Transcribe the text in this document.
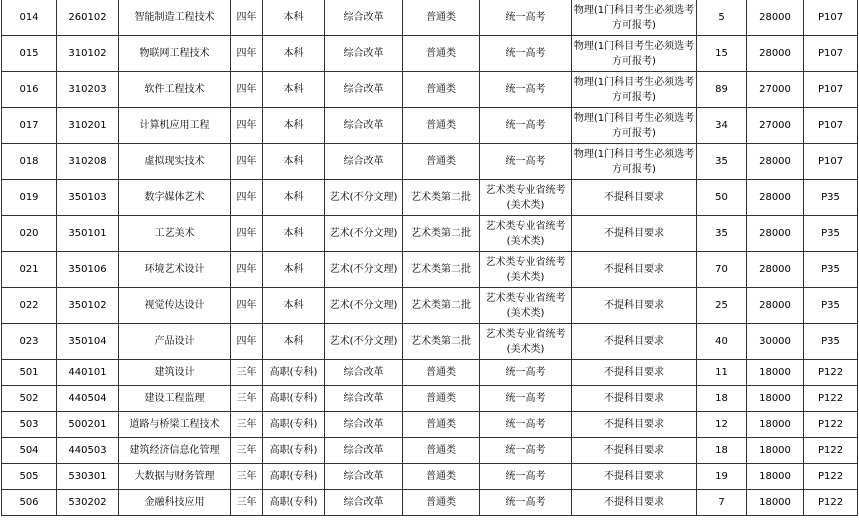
014	260102	智能制造工程技术	四年	本科	综合改革	普通类	统一高考	物理(1门科目考生必须选考方可报考)	5	28000	P107
015	310102	物联网工程技术	四年	本科	综合改革	普通类	统一高考	物理(1门科目考生必须选考方可报考)	15	28000	P107
016	310203	软件工程技术	四年	本科	综合改革	普通类	统一高考	物理(1门科目考生必须选考方可报考)	89	27000	P107
017	310201	计算机应用工程	四年	本科	综合改革	普通类	统一高考	物理(1门科目考生必须选考方可报考)	34	27000	P107
018	310208	虚拟现实技术	四年	本科	综合改革	普通类	统一高考	物理(1门科目考生必须选考方可报考)	35	28000	P107
019	350103	数字媒体艺术	四年	本科	艺术(不分文理)	艺术类第二批	艺术类专业省统考(美术类)	不提科目要求	50	28000	P35
020	350101	工艺美术	四年	本科	艺术(不分文理)	艺术类第二批	艺术类专业省统考(美术类)	不提科目要求	35	28000	P35
021	350106	环境艺术设计	四年	本科	艺术(不分文理)	艺术类第二批	艺术类专业省统考(美术类)	不提科目要求	70	28000	P35
022	350102	视觉传达设计	四年	本科	艺术(不分文理)	艺术类第二批	艺术类专业省统考(美术类)	不提科目要求	25	28000	P35
023	350104	产品设计	四年	本科	艺术(不分文理)	艺术类第二批	艺术类专业省统考(美术类)	不提科目要求	40	30000	P35
501	440101	建筑设计	三年	高职(专科)	综合改革	普通类	统一高考	不提科目要求	11	18000	P122
502	440504	建设工程监理	三年	高职(专科)	综合改革	普通类	统一高考	不提科目要求	18	18000	P122
503	500201	道路与桥梁工程技术	三年	高职(专科)	综合改革	普通类	统一高考	不提科目要求	12	18000	P122
504	440503	建筑经济信息化管理	三年	高职(专科)	综合改革	普通类	统一高考	不提科目要求	18	18000	P122
505	530301	大数据与财务管理	三年	高职(专科)	综合改革	普通类	统一高考	不提科目要求	19	18000	P122
506	530202	金融科技应用	三年	高职(专科)	综合改革	普通类	统一高考	不提科目要求	7	18000	P122
